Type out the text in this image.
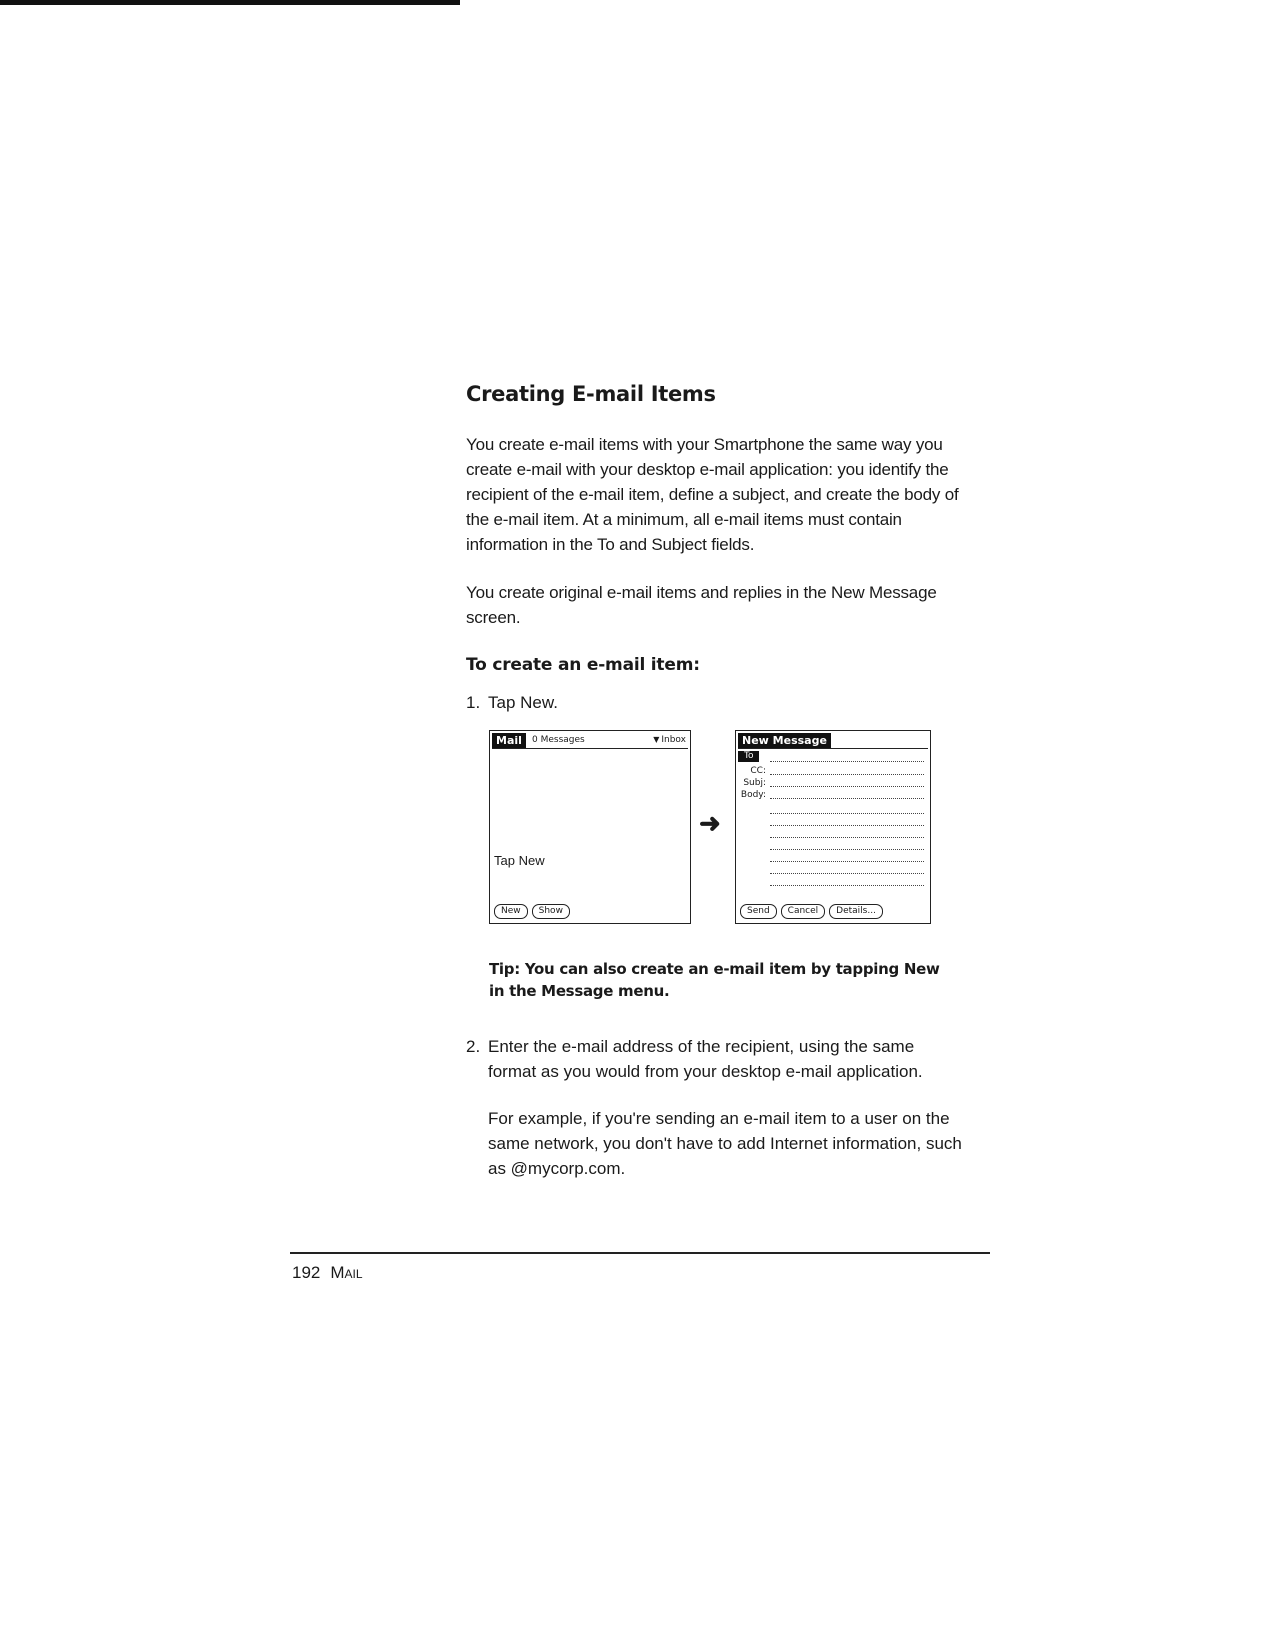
Creating E-mail Items

You create e-mail items with your Smartphone the same way you create e-mail with your desktop e-mail application: you identify the recipient of the e-mail item, define a subject, and create the body of the e-mail item. At a minimum, all e-mail items must contain information in the To and Subject fields.

You create original e-mail items and replies in the New Message screen.

To create an e-mail item:

1. Tap New.

Mail	0 Messages	▼ Inbox
Tap New
New	Show
➜
New Message
To
CC:
Subj:
Body:
Send	Cancel	Details...

Tip: You can also create an e-mail item by tapping New in the Message menu.

2. Enter the e-mail address of the recipient, using the same format as you would from your desktop e-mail application.

For example, if you're sending an e-mail item to a user on the same network, you don't have to add Internet information, such as @mycorp.com.

192 Mail
